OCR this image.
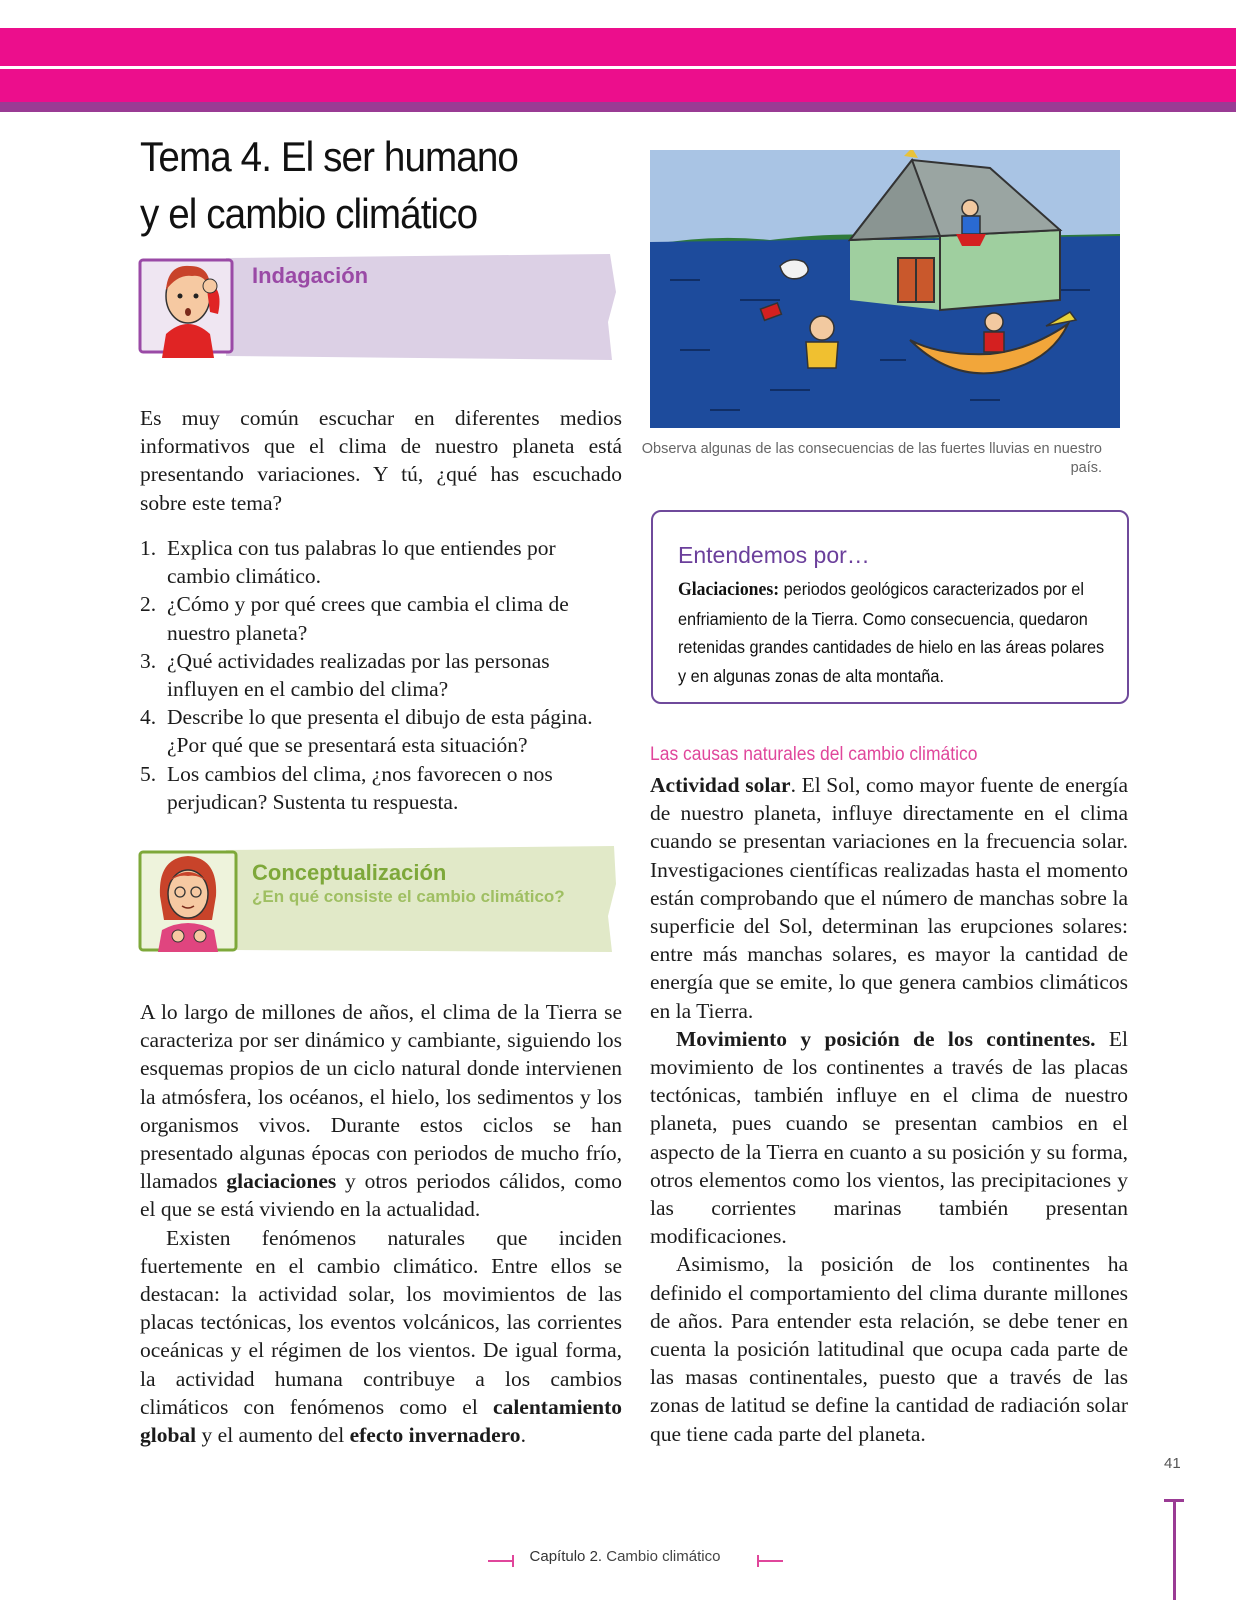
Tema 4. El ser humano
y el cambio climático
Indagación
Es muy común escuchar en diferentes medios informativos que el clima de nuestro planeta está presentando variaciones. Y tú, ¿qué has escuchado sobre este tema?
1. Explica con tus palabras lo que entiendes por cambio climático.
2. ¿Cómo y por qué crees que cambia el clima de nuestro planeta?
3. ¿Qué actividades realizadas por las personas influyen en el cambio del clima?
4. Describe lo que presenta el dibujo de esta página. ¿Por qué que se presentará esta situación?
5. Los cambios del clima, ¿nos favorecen o nos perjudican? Sustenta tu respuesta.
Conceptualización
¿En qué consiste el cambio climático?

A lo largo de millones de años, el clima de la Tierra se caracteriza por ser dinámico y cambiante, siguiendo los esquemas propios de un ciclo natural donde intervienen la atmósfera, los océanos, el hielo, los sedimentos y los organismos vivos. Durante estos ciclos se han presentado algunas épocas con periodos de mucho frío, llamados glaciaciones y otros periodos cálidos, como el que se está viviendo en la actualidad.

Existen fenómenos naturales que inciden fuertemente en el cambio climático. Entre ellos se destacan: la actividad solar, los movimientos de las placas tectónicas, los eventos volcánicos, las corrientes oceánicas y el régimen de los vientos. De igual forma, la actividad humana contribuye a los cambios climáticos con fenómenos como el calentamiento global y el aumento del efecto invernadero.

Observa algunas de las consecuencias de las fuertes lluvias en nuestro país.
Entendemos por…
Glaciaciones: periodos geológicos caracterizados por el enfriamiento de la Tierra. Como consecuencia, quedaron retenidas grandes cantidades de hielo en las áreas polares y en algunas zonas de alta montaña.
Las causas naturales del cambio climático

Actividad solar. El Sol, como mayor fuente de energía de nuestro planeta, influye directamente en el clima cuando se presentan variaciones en la frecuencia solar. Investigaciones científicas realizadas hasta el momento están comprobando que el número de manchas sobre la superficie del Sol, determinan las erupciones solares: entre más manchas solares, es mayor la cantidad de energía que se emite, lo que genera cambios climáticos en la Tierra.

Movimiento y posición de los continentes. El movimiento de los continentes a través de las placas tectónicas, también influye en el clima de nuestro planeta, pues cuando se presentan cambios en el aspecto de la Tierra en cuanto a su posición y su forma, otros elementos como los vientos, las precipitaciones y las corrientes marinas también presentan modificaciones.

Asimismo, la posición de los continentes ha definido el comportamiento del clima durante millones de años. Para entender esta relación, se debe tener en cuenta la posición latitudinal que ocupa cada parte de las masas continentales, puesto que a través de las zonas de latitud se define la cantidad de radiación solar que tiene cada parte del planeta.

41
Capítulo 2. Cambio climático
